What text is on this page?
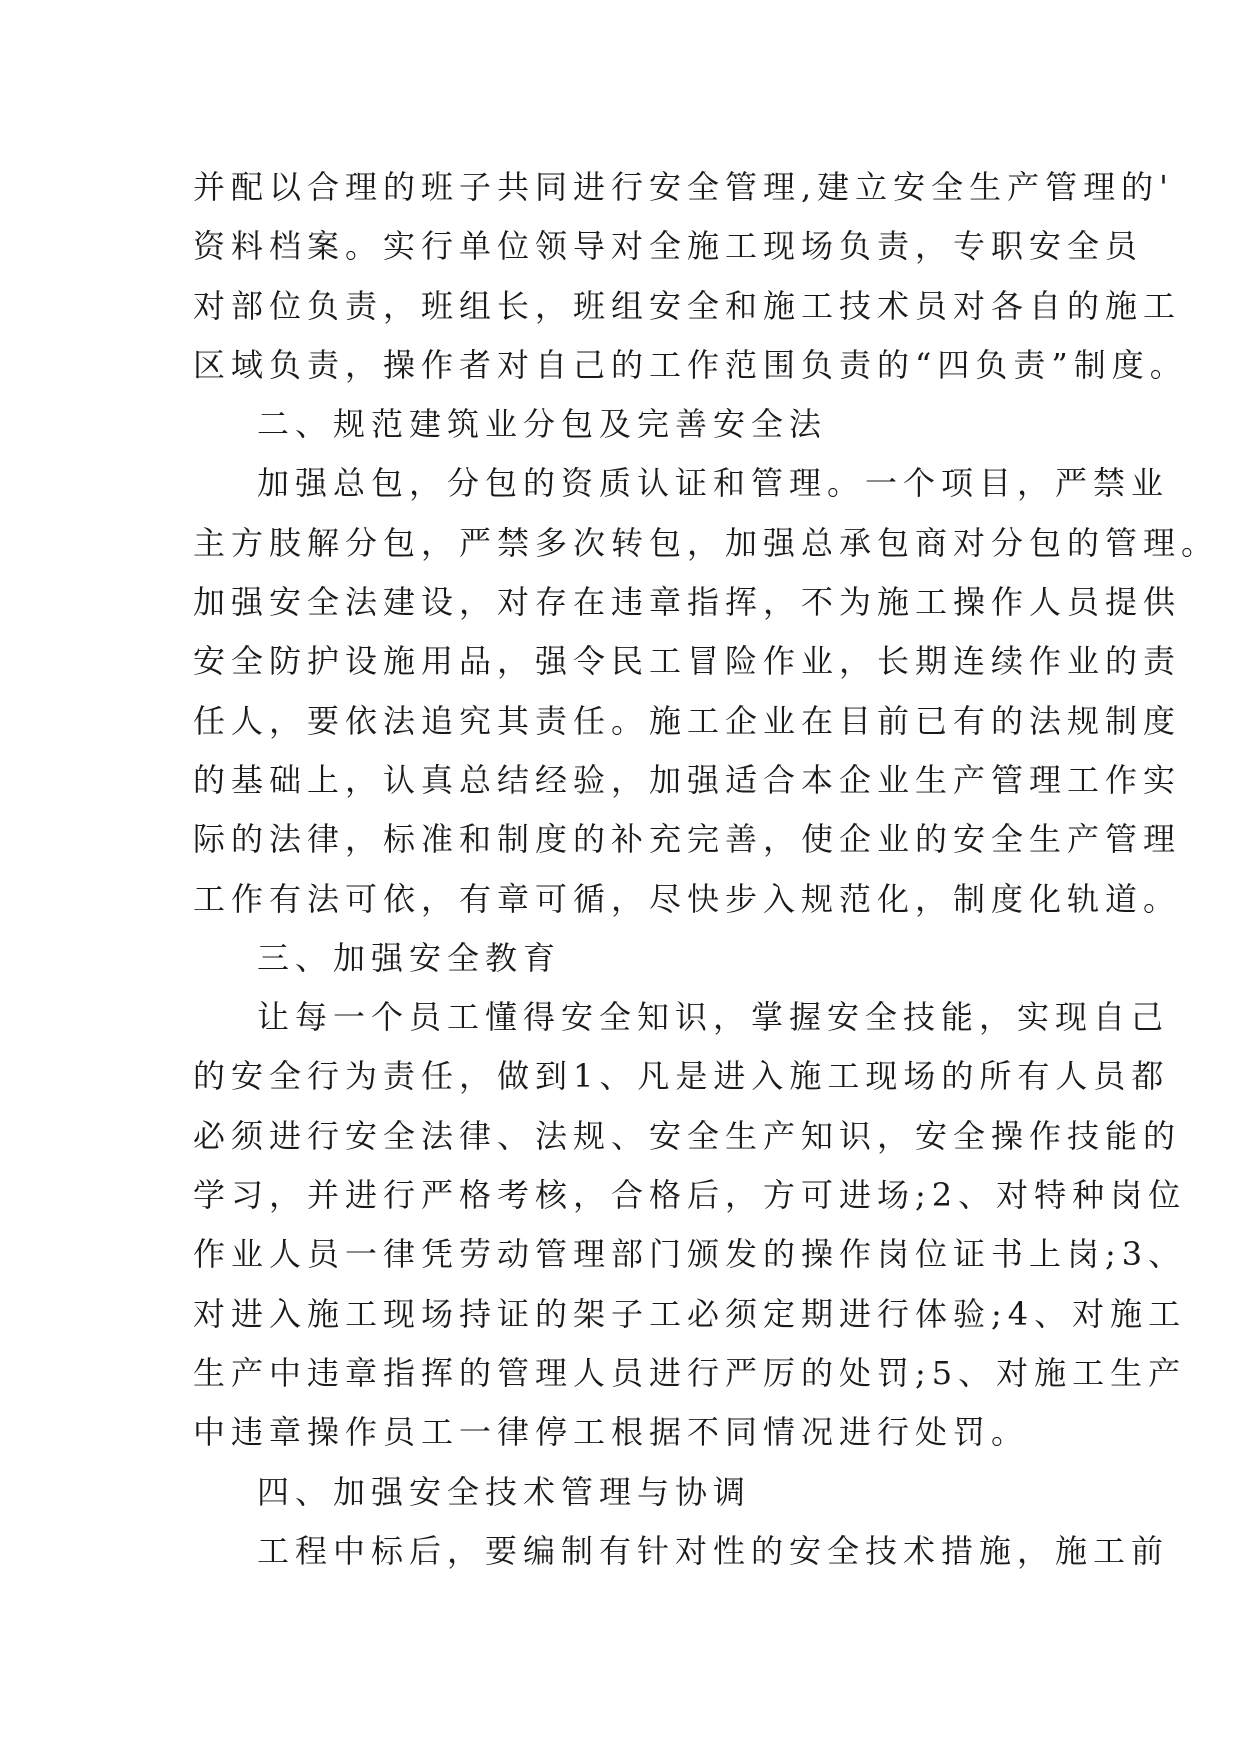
并配以合理的班子共同进行安全管理,建立安全生产管理的'
资料档案。实行单位领导对全施工现场负责，专职安全员
对部位负责，班组长，班组安全和施工技术员对各自的施工
区域负责，操作者对自己的工作范围负责的“四负责”制度。
二、规范建筑业分包及完善安全法
加强总包，分包的资质认证和管理。一个项目，严禁业
主方肢解分包，严禁多次转包，加强总承包商对分包的管理。
加强安全法建设，对存在违章指挥，不为施工操作人员提供
安全防护设施用品，强令民工冒险作业，长期连续作业的责
任人，要依法追究其责任。施工企业在目前已有的法规制度
的基础上，认真总结经验，加强适合本企业生产管理工作实
际的法律，标准和制度的补充完善，使企业的安全生产管理
工作有法可依，有章可循，尽快步入规范化，制度化轨道。
三、加强安全教育
让每一个员工懂得安全知识，掌握安全技能，实现自己
的安全行为责任，做到1、凡是进入施工现场的所有人员都
必须进行安全法律、法规、安全生产知识，安全操作技能的
学习，并进行严格考核，合格后，方可进场;2、对特种岗位
作业人员一律凭劳动管理部门颁发的操作岗位证书上岗;3、
对进入施工现场持证的架子工必须定期进行体验;4、对施工
生产中违章指挥的管理人员进行严厉的处罚;5、对施工生产
中违章操作员工一律停工根据不同情况进行处罚。
四、加强安全技术管理与协调
工程中标后，要编制有针对性的安全技术措施，施工前
